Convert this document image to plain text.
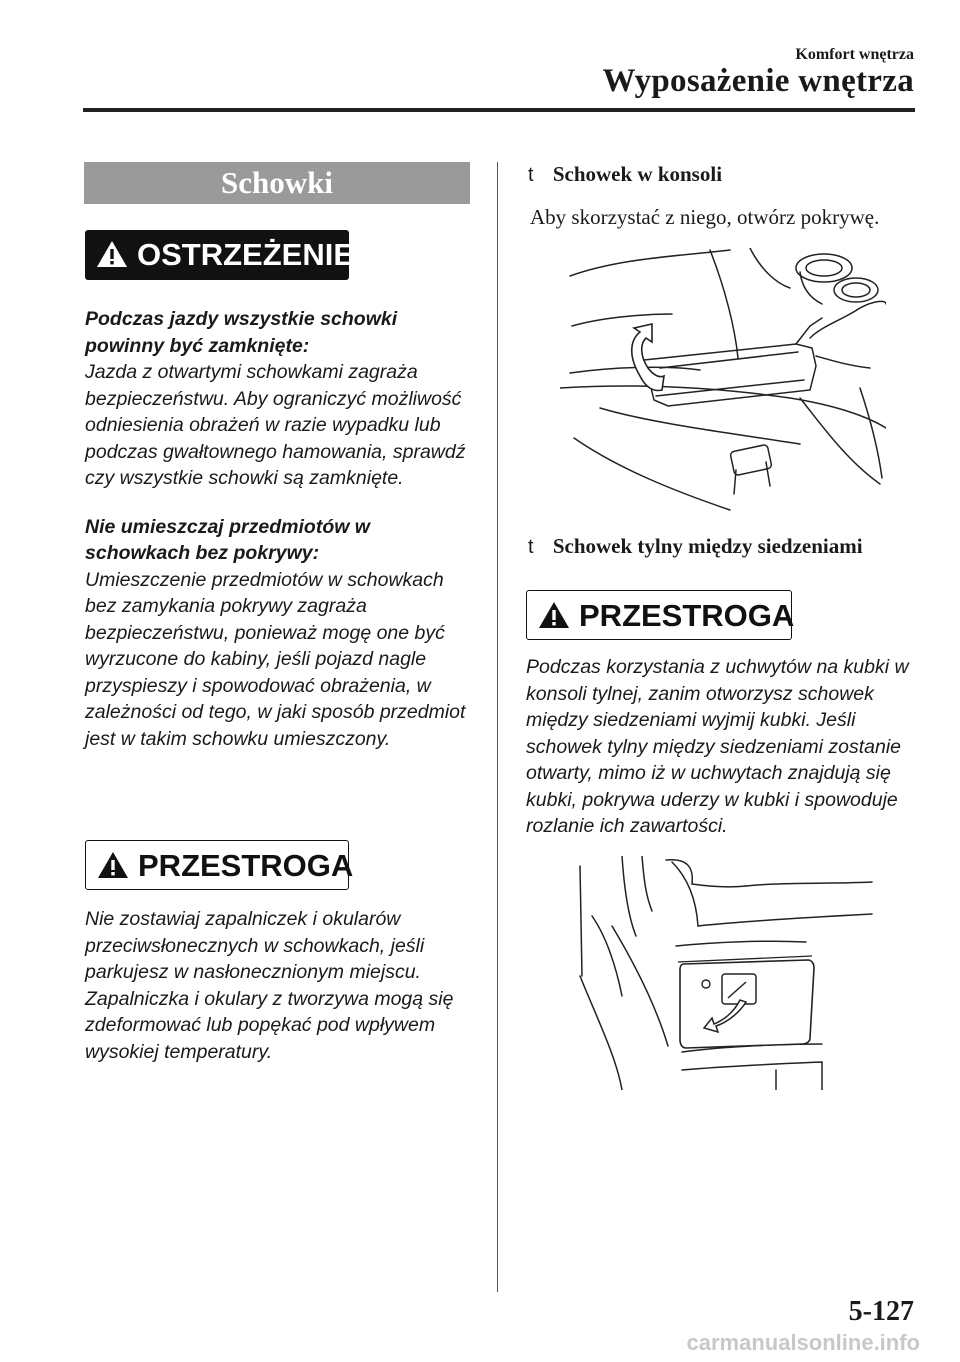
Komfort wnętrza
Wyposażenie wnętrza
Schowki
OSTRZEŻENIE

Podczas jazdy wszystkie schowki powinny być zamknięte:

Jazda z otwartymi schowkami zagraża bezpieczeństwu. Aby ograniczyć możliwość odniesienia obrażeń w razie wypadku lub podczas gwałtownego hamowania, sprawdź czy wszystkie schowki są zamknięte.

Nie umieszczaj przedmiotów w schowkach bez pokrywy:

Umieszczenie przedmiotów w schowkach bez zamykania pokrywy zagraża bezpieczeństwu, ponieważ mogę one być wyrzucone do kabiny, jeśli pojazd nagle przyspieszy i spowodować obrażenia, w zależności od tego, w jaki sposób przedmiot jest w takim schowku umieszczony.

PRZESTROGA

Nie zostawiaj zapalniczek i okularów przeciwsłonecznych w schowkach, jeśli parkujesz w nasłonecznionym miejscu. Zapalniczka i okulary z tworzywa mogą się zdeformować lub popękać pod wpływem wysokiej temperatury.

t Schowek w konsoli
Aby skorzystać z niego, otwórz pokrywę.
t Schowek tylny między siedzeniami
PRZESTROGA

Podczas korzystania z uchwytów na kubki w konsoli tylnej, zanim otworzysz schowek między siedzeniami wyjmij kubki. Jeśli schowek tylny między siedzeniami zostanie otwarty, mimo iż w uchwytach znajdują się kubki, pokrywa uderzy w kubki i spowoduje rozlanie ich zawartości.

5-127
carmanualsonline.info
